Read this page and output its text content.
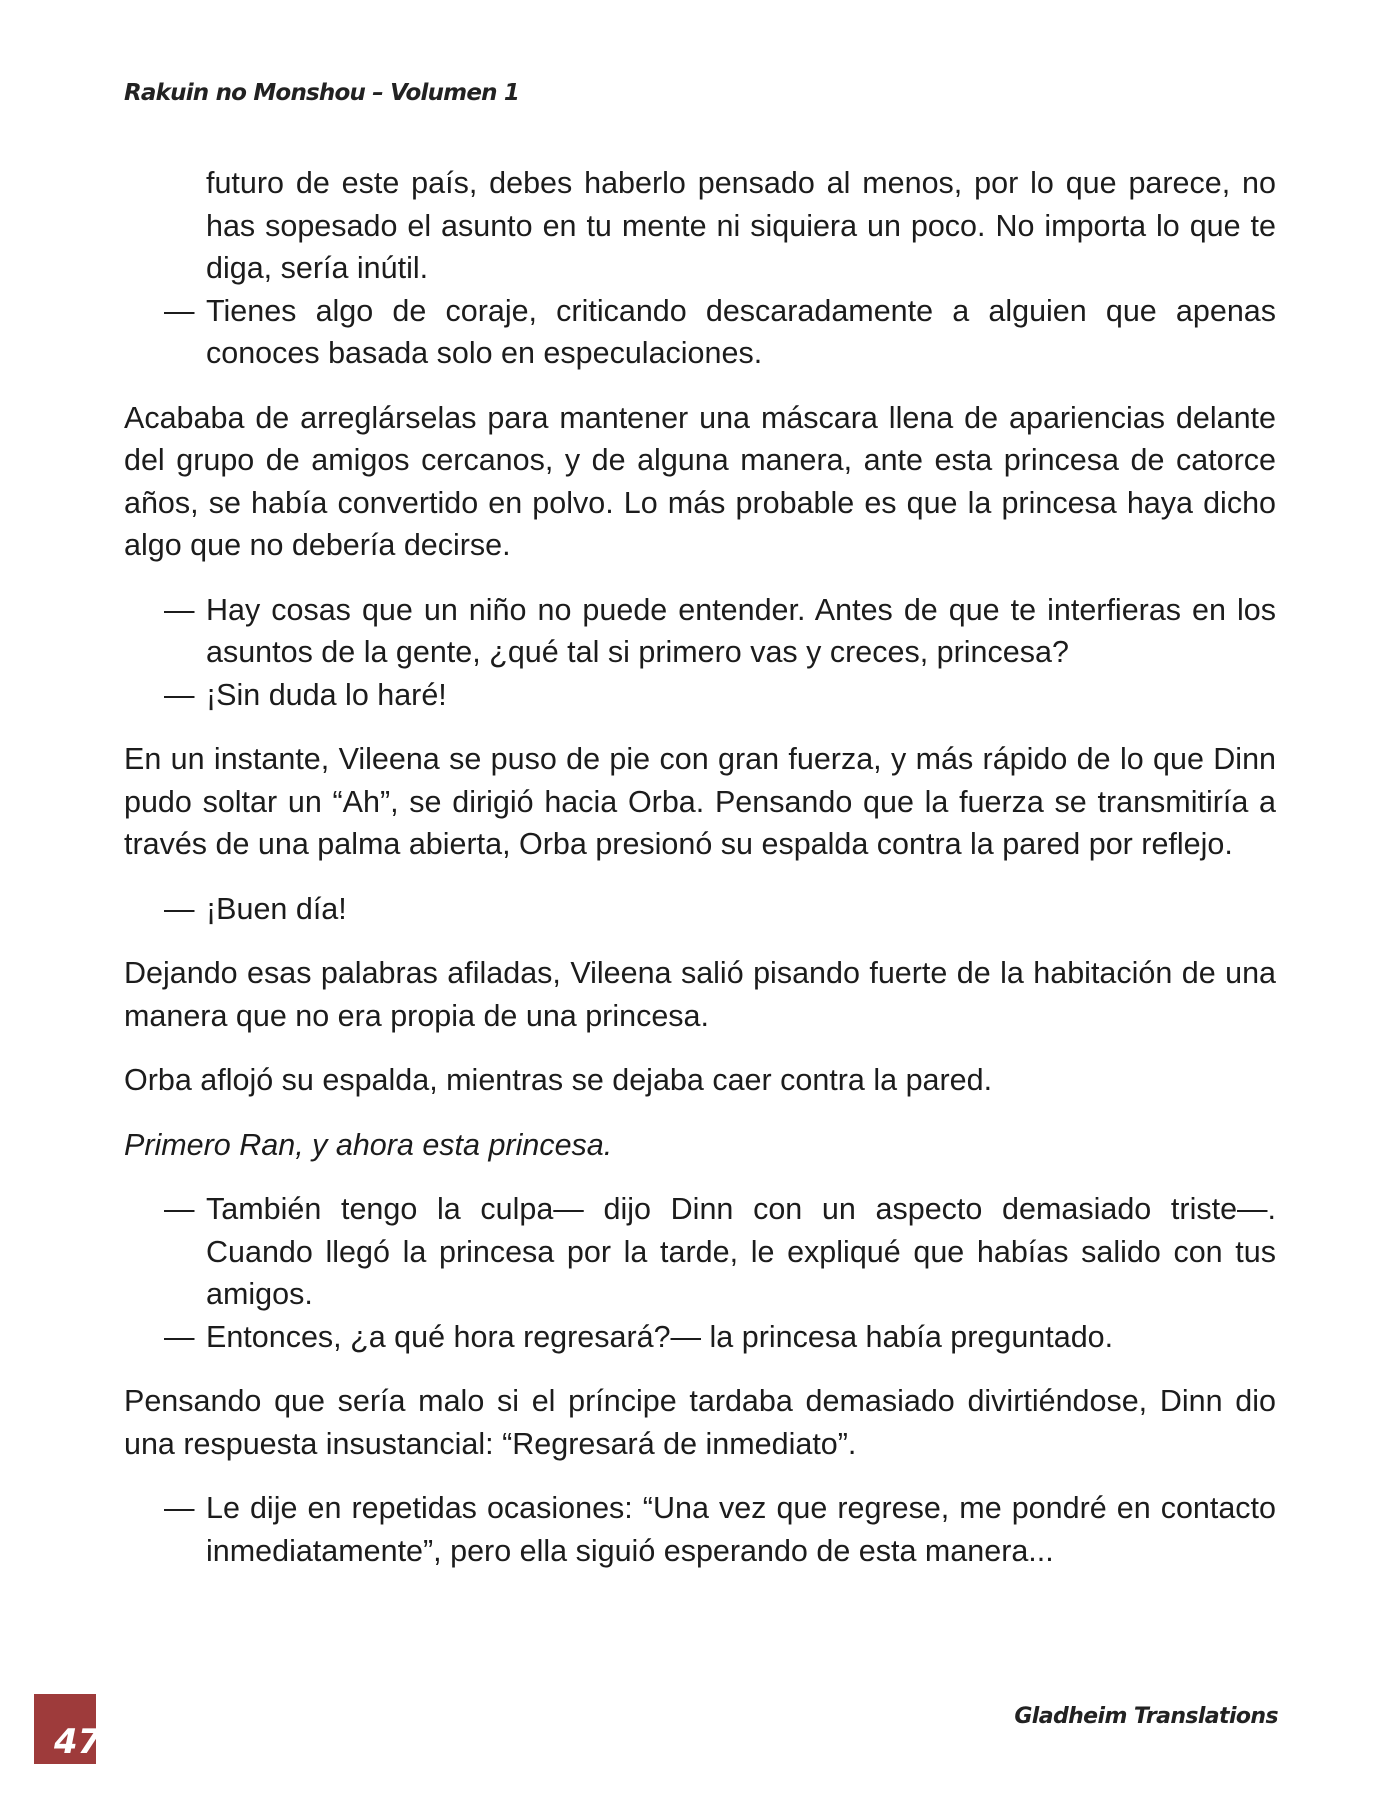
Rakuin no Monshou – Volumen 1
futuro de este país, debes haberlo pensado al menos, por lo que parece, no has sopesado el asunto en tu mente ni siquiera un poco. No importa lo que te diga, sería inútil.
— Tienes algo de coraje, criticando descaradamente a alguien que apenas conoces basada solo en especulaciones.

Acababa de arreglárselas para mantener una máscara llena de apariencias delante del grupo de amigos cercanos, y de alguna manera, ante esta princesa de catorce años, se había convertido en polvo. Lo más probable es que la princesa haya dicho algo que no debería decirse.

— Hay cosas que un niño no puede entender. Antes de que te interfieras en los asuntos de la gente, ¿qué tal si primero vas y creces, princesa?
— ¡Sin duda lo haré!

En un instante, Vileena se puso de pie con gran fuerza, y más rápido de lo que Dinn pudo soltar un “Ah”, se dirigió hacia Orba. Pensando que la fuerza se transmitiría a través de una palma abierta, Orba presionó su espalda contra la pared por reflejo.

— ¡Buen día!

Dejando esas palabras afiladas, Vileena salió pisando fuerte de la habitación de una manera que no era propia de una princesa.

Orba aflojó su espalda, mientras se dejaba caer contra la pared.

Primero Ran, y ahora esta princesa.

— También tengo la culpa— dijo Dinn con un aspecto demasiado triste—. Cuando llegó la princesa por la tarde, le expliqué que habías salido con tus amigos.
— Entonces, ¿a qué hora regresará?— la princesa había preguntado.

Pensando que sería malo si el príncipe tardaba demasiado divirtiéndose, Dinn dio una respuesta insustancial: “Regresará de inmediato”.

— Le dije en repetidas ocasiones: “Una vez que regrese, me pondré en contacto inmediatamente”, pero ella siguió esperando de esta manera...
47
Gladheim Translations
